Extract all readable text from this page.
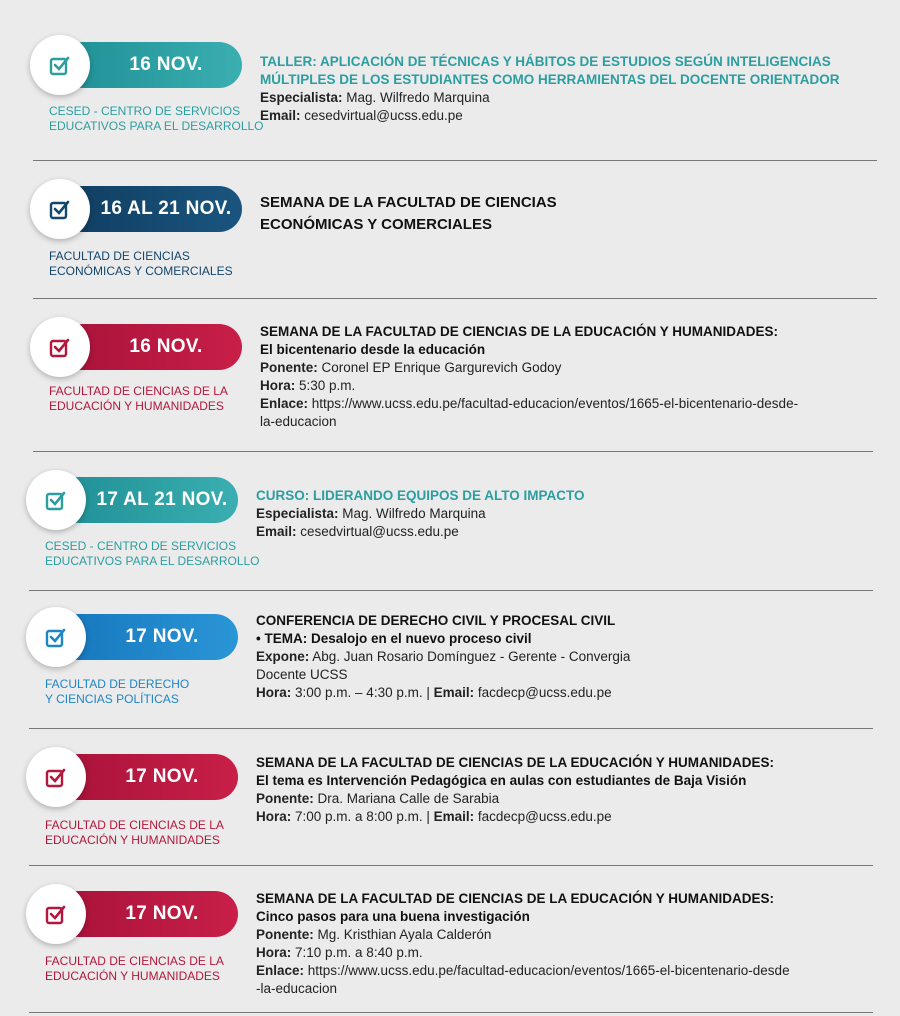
16 NOV.
CESED - CENTRO DE SERVICIOS
EDUCATIVOS PARA EL DESARROLLO
TALLER: APLICACIÓN DE TÉCNICAS Y HÁBITOS DE ESTUDIOS SEGÚN INTELIGENCIAS
MÚLTIPLES DE LOS ESTUDIANTES COMO HERRAMIENTAS DEL DOCENTE ORIENTADOR
Especialista: Mag. Wilfredo Marquina
Email: cesedvirtual@ucss.edu.pe
16 AL 21 NOV.
FACULTAD DE CIENCIAS
ECONÓMICAS Y COMERCIALES
SEMANA DE LA FACULTAD DE CIENCIAS
ECONÓMICAS Y COMERCIALES
16 NOV.
FACULTAD DE CIENCIAS DE LA
EDUCACIÓN Y HUMANIDADES
SEMANA DE LA FACULTAD DE CIENCIAS DE LA EDUCACIÓN Y HUMANIDADES:
El bicentenario desde la educación
Ponente: Coronel EP Enrique Gargurevich Godoy
Hora: 5:30 p.m.
Enlace: https://www.ucss.edu.pe/facultad-educacion/eventos/1665-el-bicentenario-desde-
la-educacion
17 AL 21 NOV.
CESED - CENTRO DE SERVICIOS
EDUCATIVOS PARA EL DESARROLLO
CURSO: LIDERANDO EQUIPOS DE ALTO IMPACTO
Especialista: Mag. Wilfredo Marquina
Email: cesedvirtual@ucss.edu.pe
17 NOV.
FACULTAD DE DERECHO
Y CIENCIAS POLÍTICAS
CONFERENCIA DE DERECHO CIVIL Y PROCESAL CIVIL
• TEMA: Desalojo en el nuevo proceso civil
Expone: Abg. Juan Rosario Domínguez - Gerente - Convergia
Docente UCSS
Hora: 3:00 p.m. – 4:30 p.m. | Email: facdecp@ucss.edu.pe
17 NOV.
FACULTAD DE CIENCIAS DE LA
EDUCACIÓN Y HUMANIDADES
SEMANA DE LA FACULTAD DE CIENCIAS DE LA EDUCACIÓN Y HUMANIDADES:
El tema es Intervención Pedagógica en aulas con estudiantes de Baja Visión
Ponente: Dra. Mariana Calle de Sarabia
Hora: 7:00 p.m. a 8:00 p.m. | Email: facdecp@ucss.edu.pe
17 NOV.
FACULTAD DE CIENCIAS DE LA
EDUCACIÓN Y HUMANIDADES
SEMANA DE LA FACULTAD DE CIENCIAS DE LA EDUCACIÓN Y HUMANIDADES:
Cinco pasos para una buena investigación
Ponente: Mg. Kristhian Ayala Calderón
Hora: 7:10 p.m. a 8:40 p.m.
Enlace: https://www.ucss.edu.pe/facultad-educacion/eventos/1665-el-bicentenario-desde
-la-educacion
